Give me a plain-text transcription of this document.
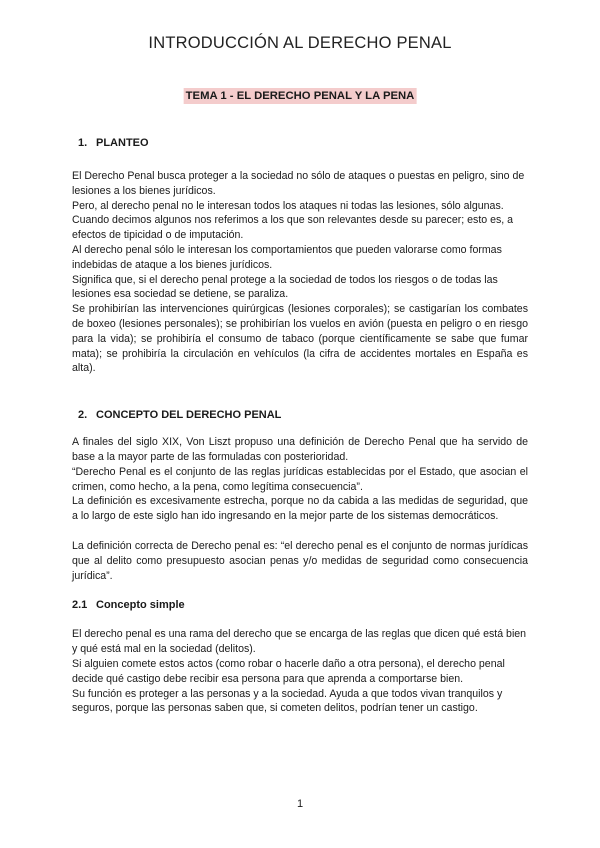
INTRODUCCIÓN AL DERECHO PENAL
TEMA 1 - EL DERECHO PENAL Y LA PENA
1. PLANTEO

El Derecho Penal busca proteger a la sociedad no sólo de ataques o puestas en peligro, sino de lesiones a los bienes jurídicos.

Pero, al derecho penal no le interesan todos los ataques ni todas las lesiones, sólo algunas.

Cuando decimos algunos nos referimos a los que son relevantes desde su parecer; esto es, a efectos de tipicidad o de imputación.

Al derecho penal sólo le interesan los comportamientos que pueden valorarse como formas indebidas de ataque a los bienes jurídicos.

Significa que, si el derecho penal protege a la sociedad de todos los riesgos o de todas las lesiones esa sociedad se detiene, se paraliza.

Se prohibirían las intervenciones quirúrgicas (lesiones corporales); se castigarían los combates de boxeo (lesiones personales); se prohibirían los vuelos en avión (puesta en peligro o en riesgo para la vida); se prohibiría el consumo de tabaco (porque científicamente se sabe que fumar mata); se prohibiría la circulación en vehículos (la cifra de accidentes mortales en España es alta).

2. CONCEPTO DEL DERECHO PENAL

A finales del siglo XIX, Von Liszt propuso una definición de Derecho Penal que ha servido de base a la mayor parte de las formuladas con posterioridad.

“Derecho Penal es el conjunto de las reglas jurídicas establecidas por el Estado, que asocian el crimen, como hecho, a la pena, como legítima consecuencia”.

La definición es excesivamente estrecha, porque no da cabida a las medidas de seguridad, que a lo largo de este siglo han ido ingresando en la mejor parte de los sistemas democráticos.

La definición correcta de Derecho penal es: “el derecho penal es el conjunto de normas jurídicas que al delito como presupuesto asocian penas y/o medidas de seguridad como consecuencia jurídica”.

2.1 Concepto simple

El derecho penal es una rama del derecho que se encarga de las reglas que dicen qué está bien y qué está mal en la sociedad (delitos).

Si alguien comete estos actos (como robar o hacerle daño a otra persona), el derecho penal decide qué castigo debe recibir esa persona para que aprenda a comportarse bien.

Su función es proteger a las personas y a la sociedad. Ayuda a que todos vivan tranquilos y seguros, porque las personas saben que, si cometen delitos, podrían tener un castigo.

1
